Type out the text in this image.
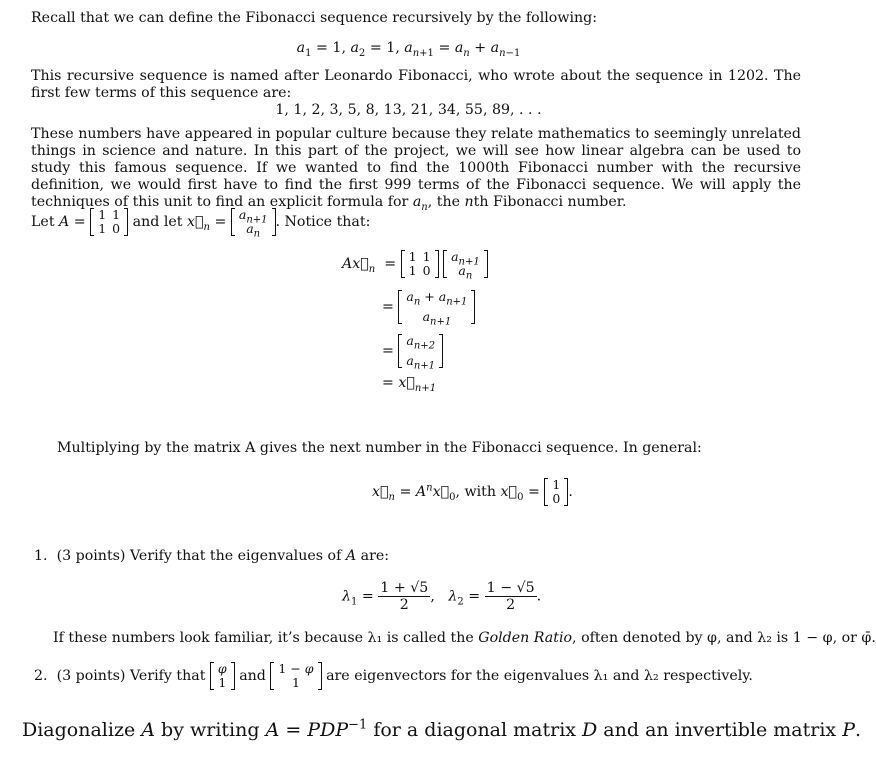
Recall that we can define the Fibonacci sequence recursively by the following:
$a_1 = 1$, $a_2 = 1$, $a_{n+1} = a_n + a_{n-1}$
This recursive sequence is named after Leonardo Fibonacci, who wrote about the sequence in 1202. The first few terms of this sequence are:
1, 1, 2, 3, 5, 8, 13, 21, 34, 55, 89, . . .
These numbers have appeared in popular culture because they relate mathematics to seemingly unrelated things in science and nature. In this part of the project, we will see how linear algebra can be used to study this famous sequence. If we wanted to find the 1000th Fibonacci number with the recursive definition, we would first have to find the first 999 terms of the Fibonacci sequence. We will apply the techniques of this unit to find an explicit formula for $a_n$, the nth Fibonacci number.
Let A = 1	1
1	0 and let $x⃗_n = a_{n+1}$
$a_n$
. Notice that:
$Ax⃗_n = 1$	1
1	0

$a_{n+1}$
$a_n$
=
$a_n + a_{n+1}$
$a_{n+1}$
=
$a_{n+2}$
$a_{n+1}$
= $x⃗_{n+1}$
Multiplying by the matrix A gives the next number in the Fibonacci sequence. In general:
$x⃗_n$ = $A^nx⃗_0$, with $x⃗_0 = 1$
0 .
1. (3 points) Verify that the eigenvalues of A are:
$\lambda_1 = \frac{1 + √5}{2}$ ,   $\lambda_2 = \frac{1 - √5}{2}$ .
If these numbers look familiar, it’s because λ₁ is called the Golden Ratio, often denoted by φ, and λ₂ is 1 − φ, or φ̄.
2. (3 points) Verify that φ
1 and 1 − φ
1 are eigenvectors for the eigenvalues λ₁ and λ₂ respectively.
Diagonalize A by writing $A = PDP^{-1}$ for a diagonal matrix D and an invertible matrix P.
